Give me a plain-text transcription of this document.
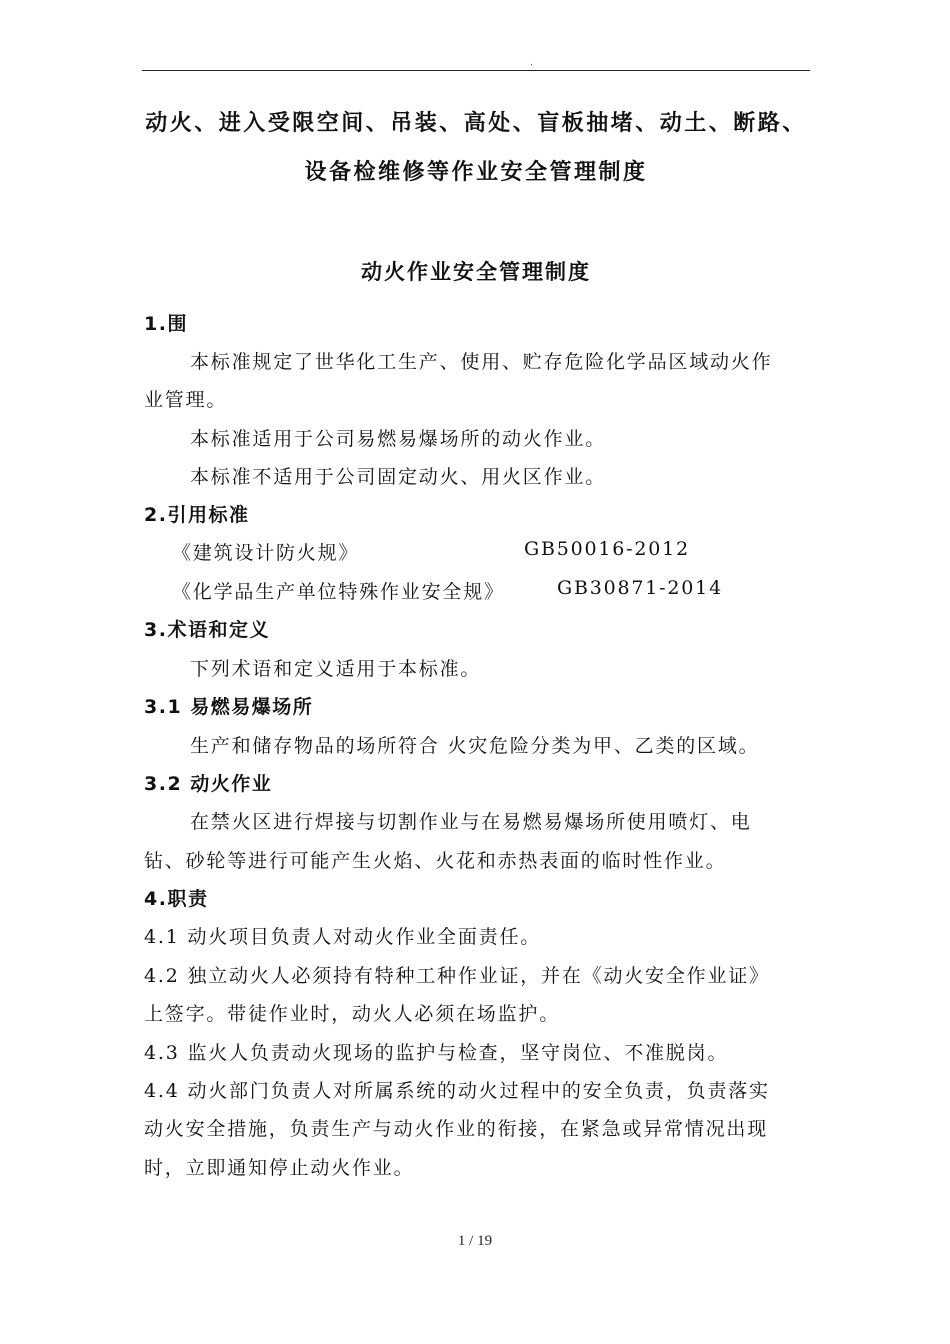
.
动火、进入受限空间、吊装、高处、盲板抽堵、动土、断路、
设备检维修等作业安全管理制度
动火作业安全管理制度
1.围
本标准规定了世华化工生产、使用、贮存危险化学品区域动火作
业管理。
本标准适用于公司易燃易爆场所的动火作业。
本标准不适用于公司固定动火、用火区作业。
2.引用标准
《建筑设计防火规》	GB50016-2012
《化学品生产单位特殊作业安全规》	GB30871-2014
3.术语和定义
下列术语和定义适用于本标准。
3.1 易燃易爆场所
生产和储存物品的场所符合 火灾危险分类为甲、乙类的区域。
3.2 动火作业
在禁火区进行焊接与切割作业与在易燃易爆场所使用喷灯、电
钻、砂轮等进行可能产生火焰、火花和赤热表面的临时性作业。
4.职责
4.1 动火项目负责人对动火作业全面责任。
4.2 独立动火人必须持有特种工种作业证，并在《动火安全作业证》
上签字。带徒作业时，动火人必须在场监护。
4.3 监火人负责动火现场的监护与检查，坚守岗位、不准脱岗。
4.4 动火部门负责人对所属系统的动火过程中的安全负责，负责落实
动火安全措施，负责生产与动火作业的衔接，在紧急或异常情况出现
时，立即通知停止动火作业。
1 / 19
